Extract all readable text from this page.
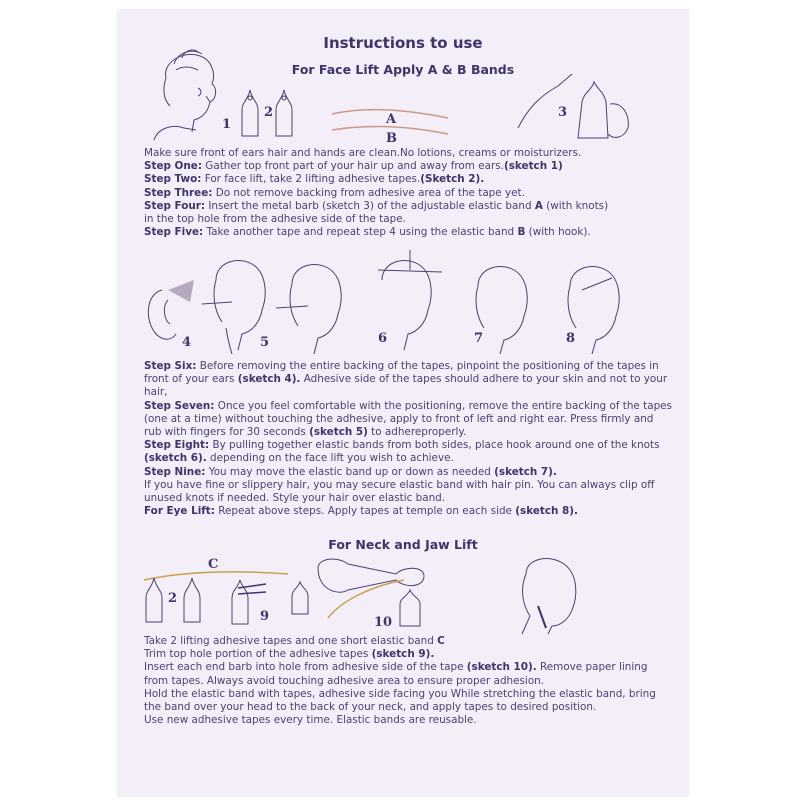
Instructions to use
For Face Lift Apply A & B Bands
1
2	A
B
3

Make sure front of ears hair and hands are clean.No lotions, creams or moisturizers.

Step One: Gather top front part of your hair up and away from ears.(sketch 1)

Step Two: For face lift, take 2 lifting adhesive tapes.(Sketch 2).

Step Three: Do not remove backing from adhesive area of the tape yet.

Step Four: Insert the metal barb (sketch 3) of the adjustable elastic band A (with knots)

in the top hole from the adhesive side of the tape.

Step Five: Take another tape and repeat step 4 using the elastic band B (with hook).

4	5	6	7	8

Step Six: Before removing the entire backing of the tapes, pinpoint the positioning of the tapes in front of your ears (sketch 4). Adhesive side of the tapes should adhere to your skin and not to your hair,

Step Seven: Once you feel comfortable with the positioning, remove the entire backing of the tapes (one at a time) without touching the adhesive, apply to front of left and right ear. Press firmly and rub with fingers for 30 seconds (sketch 5) to adhereproperly.

Step Eight: By pulling together elastic bands from both sides, place hook around one of the knots (sketch 6). depending on the face lift you wish to achieve.

Step Nine: You may move the elastic band up or down as needed (sketch 7).

If you have fine or slippery hair, you may secure elastic band with hair pin. You can always clip off unused knots if needed. Style your hair over elastic band.

For Eye Lift: Repeat above steps. Apply tapes at temple on each side (sketch 8).

For Neck and Jaw Lift
C
2
9	10

Take 2 lifting adhesive tapes and one short elastic band C

Trim top hole portion of the adhesive tapes (sketch 9).

Insert each end barb into hole from adhesive side of the tape (sketch 10). Remove paper lining from tapes. Always avoid touching adhesive area to ensure proper adhesion.

Hold the elastic band with tapes, adhesive side facing you While stretching the elastic band, bring the band over your head to the back of your neck, and apply tapes to desired position.

Use new adhesive tapes every time. Elastic bands are reusable.
